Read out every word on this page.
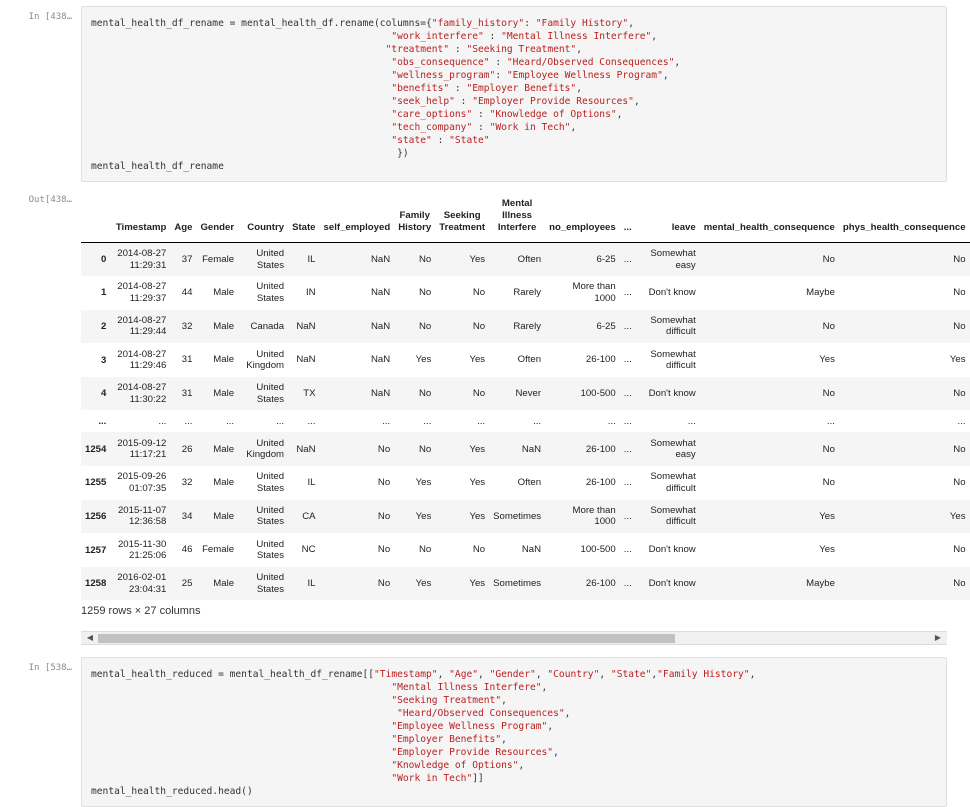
In [438…
mental_health_df_rename = mental_health_df.rename(columns={"family_history": "Family History",
"work_interfere" : "Mental Illness Interfere",
"treatment" : "Seeking Treatment",
"obs_consequence" : "Heard/Observed Consequences",
"wellness_program": "Employee Wellness Program",
"benefits" : "Employer Benefits",
"seek_help" : "Employer Provide Resources",
"care_options" : "Knowledge of Options",
"tech_company" : "Work in Tech",
"state" : "State"
})
mental_health_df_rename
Out[438…
	Timestamp	Age	Gender	Country	State	self_employed	Family History	Seeking Treatment	Mental Illness Interfere	no_employees	...	leave	mental_health_consequence	phys_health_consequence
0	2014-08-27 11:29:31	37	Female	United States	IL	NaN	No	Yes	Often	6-25	...	Somewhat easy	No	No
1	2014-08-27 11:29:37	44	Male	United States	IN	NaN	No	No	Rarely	More than 1000	...	Don't know	Maybe	No
2	2014-08-27 11:29:44	32	Male	Canada	NaN	NaN	No	No	Rarely	6-25	...	Somewhat difficult	No	No
3	2014-08-27 11:29:46	31	Male	United Kingdom	NaN	NaN	Yes	Yes	Often	26-100	...	Somewhat difficult	Yes	Yes
4	2014-08-27 11:30:22	31	Male	United States	TX	NaN	No	No	Never	100-500	...	Don't know	No	No
...	...	...	...	...	...	...	...	...	...	...	...	...	...	...
1254	2015-09-12 11:17:21	26	Male	United Kingdom	NaN	No	No	Yes	NaN	26-100	...	Somewhat easy	No	No
1255	2015-09-26 01:07:35	32	Male	United States	IL	No	Yes	Yes	Often	26-100	...	Somewhat difficult	No	No
1256	2015-11-07 12:36:58	34	Male	United States	CA	No	Yes	Yes	Sometimes	More than 1000	...	Somewhat difficult	Yes	Yes
1257	2015-11-30 21:25:06	46	Female	United States	NC	No	No	No	NaN	100-500	...	Don't know	Yes	No
1258	2016-02-01 23:04:31	25	Male	United States	IL	No	Yes	Yes	Sometimes	26-100	...	Don't know	Maybe	No
1259 rows × 27 columns
◀	▶
In [538…
mental_health_reduced = mental_health_df_rename[["Timestamp", "Age", "Gender", "Country", "State","Family History",
"Mental Illness Interfere",
"Seeking Treatment",
"Heard/Observed Consequences",
"Employee Wellness Program",
"Employer Benefits",
"Employer Provide Resources",
"Knowledge of Options",
"Work in Tech"]]
mental_health_reduced.head()
